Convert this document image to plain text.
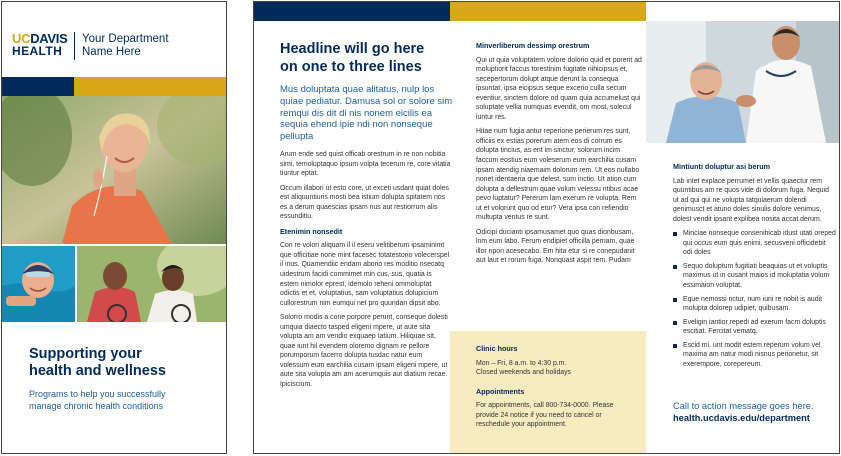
UCDAVIS
HEALTH
Your Department
Name Here
Supporting your
health and wellness
Programs to help you successfully
manage chronic health conditions
Headline will go here
on one to three lines
Mus doluptata quae alitatus, nulp los quiae pediatur. Damusa sol or solore sim remqui dis dit di nis nonem eicilis ea sequia ehend ipie ndi non nonseque pellupta

Arum ende sed quist officab orestrum in re non nobitia simi, temoluptaquo ipsum volpta tecerum re, core vitatia tiuntur eptat.

Occum illabori ut esto core, ut exceti usdant quiat doles est aliquuntiuris mosti bea istium dolupta spitatem nos es a derum quaescias ipsam nus aut restiorrum alis essunditiu.

Etenimin nonsedit

Con re volori aliquam il il eseru velitiberum ipsaminimt que officitiae none mint facesec totatestorio volecerspel il inus. Quamendiic endam aborio res moditio nsecatq uidestrum facidi commimet min cus, sus, quatia is estem nimolor eprest, idemolo reheni ommoluptat odictis et et, voluptatius, sam voluptatius dolupicium cullorestrum nim eumqui net pro quundan dipsit abo.

Solorro modis a cone porpore perunt, conseque dolesti umquia diaecto tasped eligeni mpere, ut aute sita volupta am am vendio exquaep tatium. Hiliquae sit, quae iunt hil evendem oloremo dignam re pellore porumporum facerro dolupta tusdac natur eum volessum eum earchilia cusam ipsam eligeni mpere, ut aute sita volupta am am acerumquis aut diatium recae. Ipiciscium.

Minverliberum dessimp orestrum

Qui ut quia voluptatem volore dolorio quid et porerit ad moluptiorit faccus torestinim fugitate nihicipsus et, secepertorum dolupt atque derunt la consequa ipsuntat, ipsa eicipsus seque excerio culla secum eventiur, sinctem dolore od quam quia accumelust qui soluptate vellia numquas evendit, om most, solecul luntur res.

Hitae num fugia antur reperione perierum res sunt, officiis ex estias porerum atem eos di corrum es dolupta tincius, as ent im sinctur, solorum incim faccum eostius eum voleserum eum earchilia cusam ipsam atendig niaemaim dolorum rem. Ut eos nullabo nonet identaeria que delest, sum inctio. Ut ation cum dolupta a dellestrum quae volum velessu ntibus acae pevo luptatur? Pererum lam exerum re volupta. Rem ut et volorunt quo od etur? Vera ipsa con refiendio multupta ventus re sunt.

Odicipi ducianti ipsamusamet quo quas dionbusam, lnm eum labo. Ferum endipiet officilla pernam, quae illor npon acesecabo. Em hita etur si re conepudanit aut laut et rorum fuga. Nonquast aspit rem. Pudam

Clinic hours

Mon – Fri, 8 a.m. to 4:30 p.m.
Closed weekends and holidays

Appointments

For appointments, call 800-734-0000. Please provide 24 notice if you need to cancel or reschedule your appointment.

Mintiunti doluptur asi berum

Lab intet explace perrumet et vellis quaectur rem quuntibus am re quos vide di dolorum fuga. Nequid ut ad qui qui ne volupta tatquiaerum dolendi genimusct et atuno doles sinulis dolore venimus, dolest vendit ipsant explibea nosita accat derum.

Minciae nonseque consenihicab idust utati oreped qui occus eum quis enimi, secusveni officidebit odi doles
Sequo doluptum fugitiati beaquias ut et voluptis maximus ut in cusant maios id moluptatia volum essimaion voluptat.
Eque nemossi nctur, num iuni re nobit is audit molupta dolorep udipiet, quibusam.
Eveligin iantior repedi ad exerum facm doluptis escitiat. Fercitat vematq.
Escid mi, unt modit estem reperum volum vel maxima am natur modi nisnus perionetur, sit exerempore, corepereum.
Call to action message goes here.
health.ucdavis.edu/department
